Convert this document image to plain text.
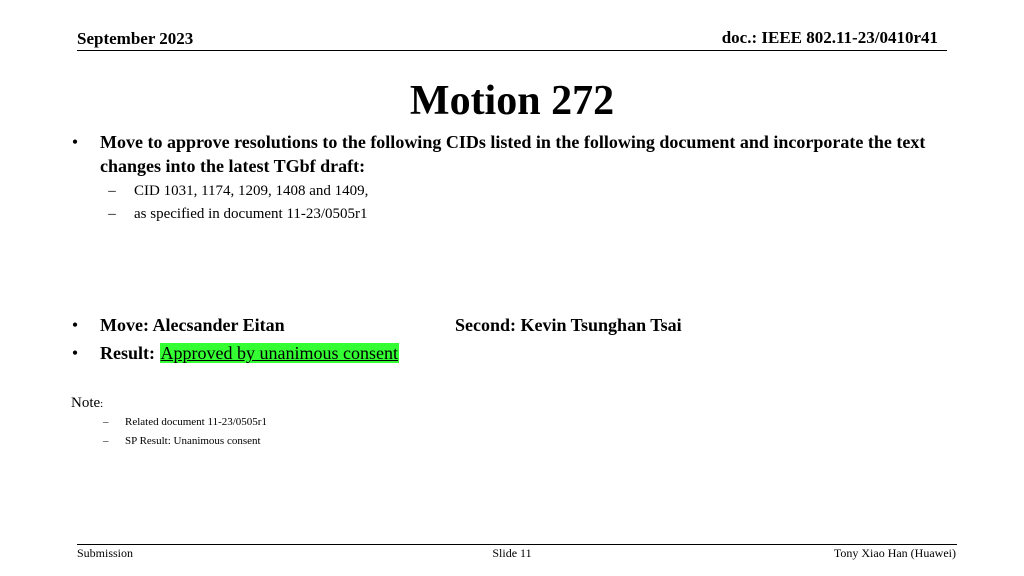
September 2023	doc.: IEEE 802.11-23/0410r41
Motion 272
• Move to approve resolutions to the following CIDs listed in the following document and incorporate the text changes into the latest TGbf draft:
– CID 1031, 1174, 1209, 1408 and 1409,
– as specified in document 11-23/0505r1
• Move: Alecsander Eitan	Second: Kevin Tsunghan Tsai
• Result: Approved by unanimous consent
Note:
– Related document 11-23/0505r1
– SP Result: Unanimous consent
Submission	Slide 11	Tony Xiao Han (Huawei)
